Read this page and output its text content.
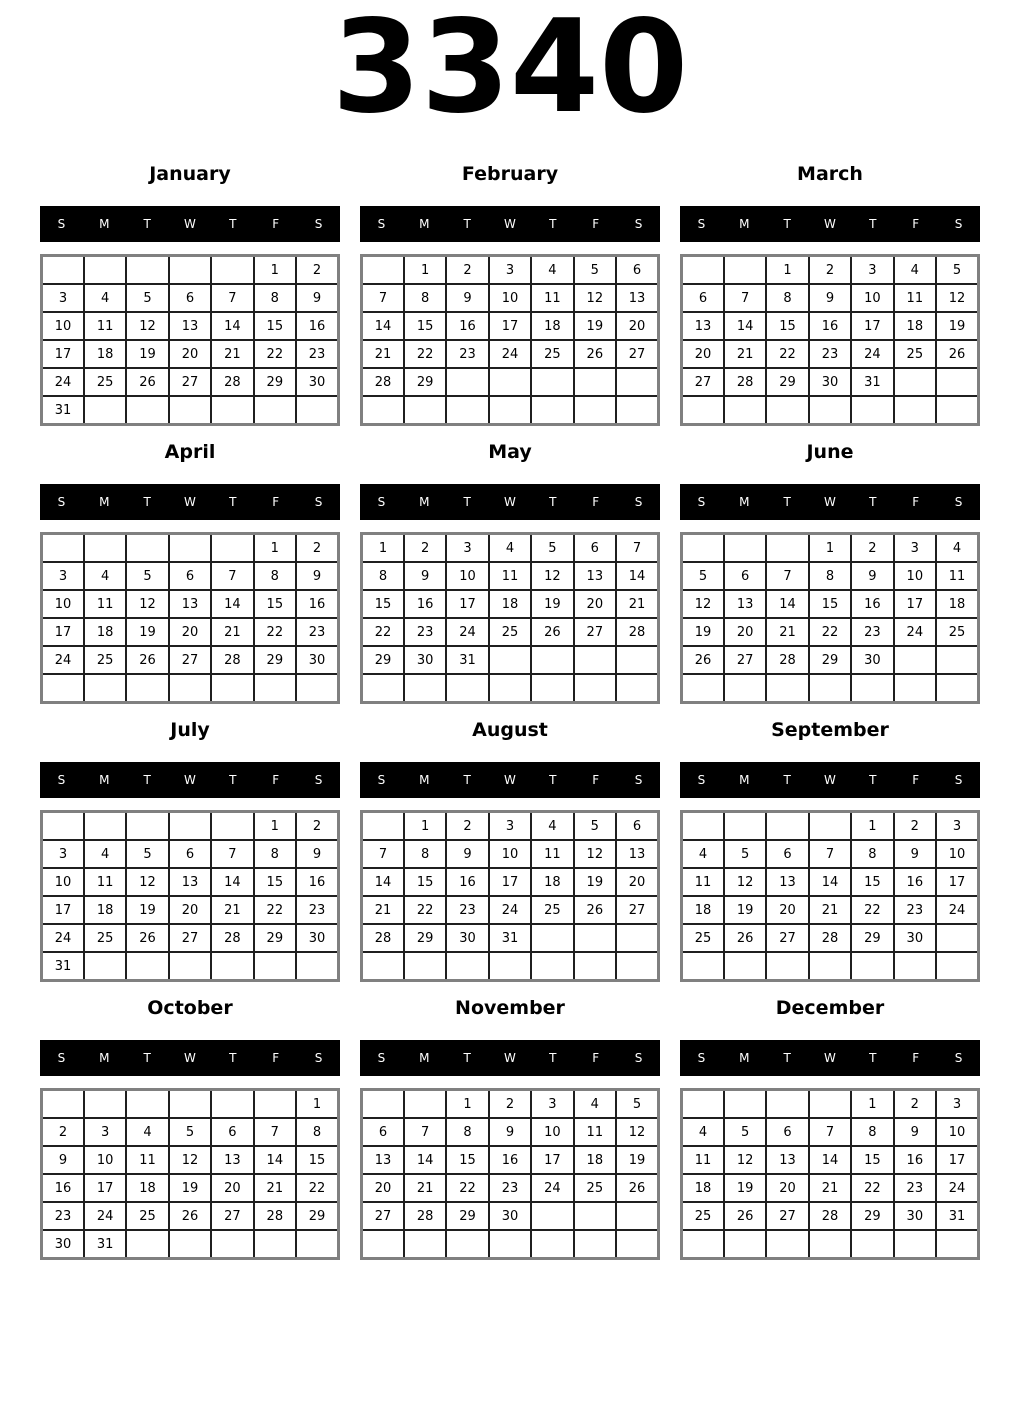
3340
January
S	M	T	W	T	F	S
					1	2
3	4	5	6	7	8	9
10	11	12	13	14	15	16
17	18	19	20	21	22	23
24	25	26	27	28	29	30
31						
February
S	M	T	W	T	F	S
	1	2	3	4	5	6
7	8	9	10	11	12	13
14	15	16	17	18	19	20
21	22	23	24	25	26	27
28	29					

March
S	M	T	W	T	F	S
		1	2	3	4	5
6	7	8	9	10	11	12
13	14	15	16	17	18	19
20	21	22	23	24	25	26
27	28	29	30	31		

April
S	M	T	W	T	F	S
					1	2
3	4	5	6	7	8	9
10	11	12	13	14	15	16
17	18	19	20	21	22	23
24	25	26	27	28	29	30

May
S	M	T	W	T	F	S
1	2	3	4	5	6	7
8	9	10	11	12	13	14
15	16	17	18	19	20	21
22	23	24	25	26	27	28
29	30	31				

June
S	M	T	W	T	F	S
			1	2	3	4
5	6	7	8	9	10	11
12	13	14	15	16	17	18
19	20	21	22	23	24	25
26	27	28	29	30		

July
S	M	T	W	T	F	S
					1	2
3	4	5	6	7	8	9
10	11	12	13	14	15	16
17	18	19	20	21	22	23
24	25	26	27	28	29	30
31						
August
S	M	T	W	T	F	S
	1	2	3	4	5	6
7	8	9	10	11	12	13
14	15	16	17	18	19	20
21	22	23	24	25	26	27
28	29	30	31			

September
S	M	T	W	T	F	S
				1	2	3
4	5	6	7	8	9	10
11	12	13	14	15	16	17
18	19	20	21	22	23	24
25	26	27	28	29	30	

October
S	M	T	W	T	F	S
						1
2	3	4	5	6	7	8
9	10	11	12	13	14	15
16	17	18	19	20	21	22
23	24	25	26	27	28	29
30	31					
November
S	M	T	W	T	F	S
		1	2	3	4	5
6	7	8	9	10	11	12
13	14	15	16	17	18	19
20	21	22	23	24	25	26
27	28	29	30			

December
S	M	T	W	T	F	S
				1	2	3
4	5	6	7	8	9	10
11	12	13	14	15	16	17
18	19	20	21	22	23	24
25	26	27	28	29	30	31
